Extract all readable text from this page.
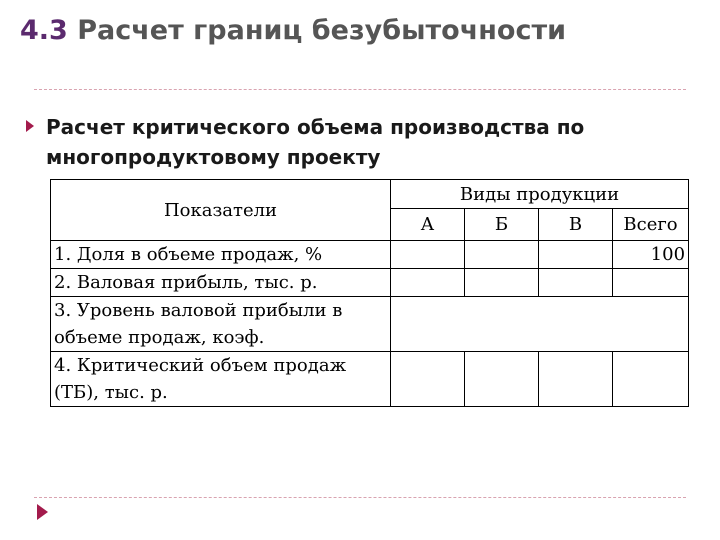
4.3 Расчет границ безубыточности

Расчет критического объема производства по многопродуктовому проекту

Показатели	Виды продукции			
	А	Б	В	Всего
1. Доля в объеме продаж, %				100
2. Валовая прибыль, тыс. р.				
3. Уровень валовой прибыли в объеме продаж, коэф.				
4. Критический объем продаж (ТБ), тыс. р.				
